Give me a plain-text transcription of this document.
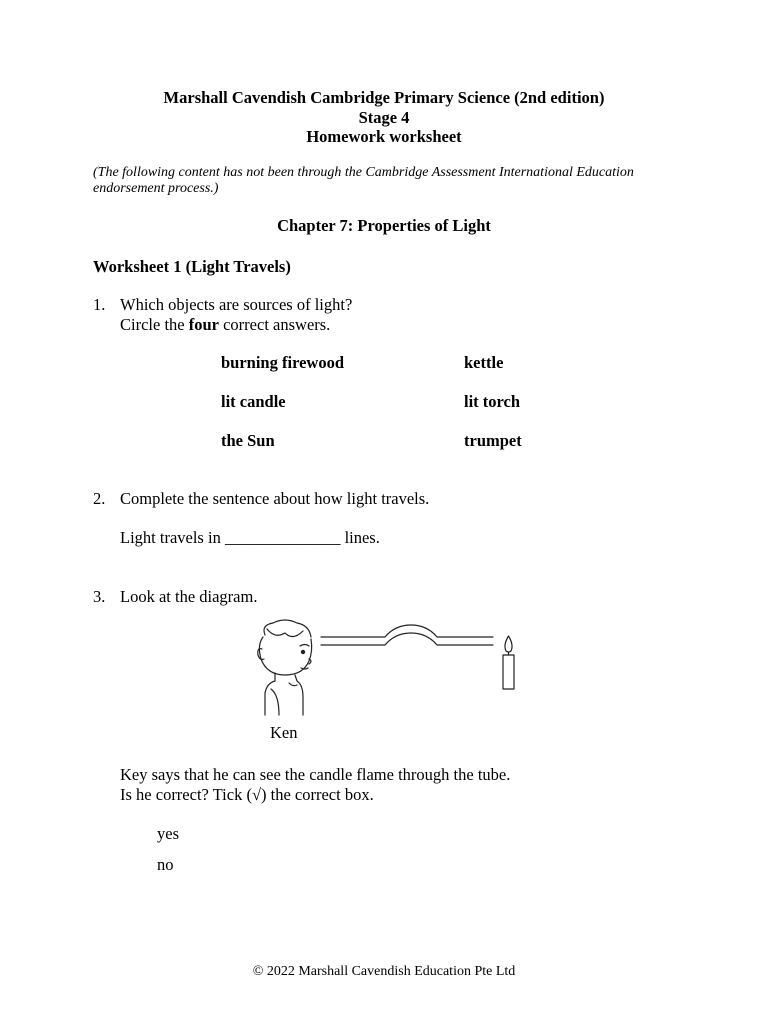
Marshall Cavendish Cambridge Primary Science (2nd edition)
Stage 4
Homework worksheet
(The following content has not been through the Cambridge Assessment International Education
endorsement process.)
Chapter 7: Properties of Light
Worksheet 1 (Light Travels)
1. Which objects are sources of light?
Circle the four correct answers.
burning firewood	kettle
lit candle	lit torch
the Sun	trumpet
2. Complete the sentence about how light travels.
Light travels in ______________ lines.
3. Look at the diagram.
Ken
Key says that he can see the candle flame through the tube.
Is he correct? Tick (√) the correct box.
yes
no
© 2022 Marshall Cavendish Education Pte Ltd
